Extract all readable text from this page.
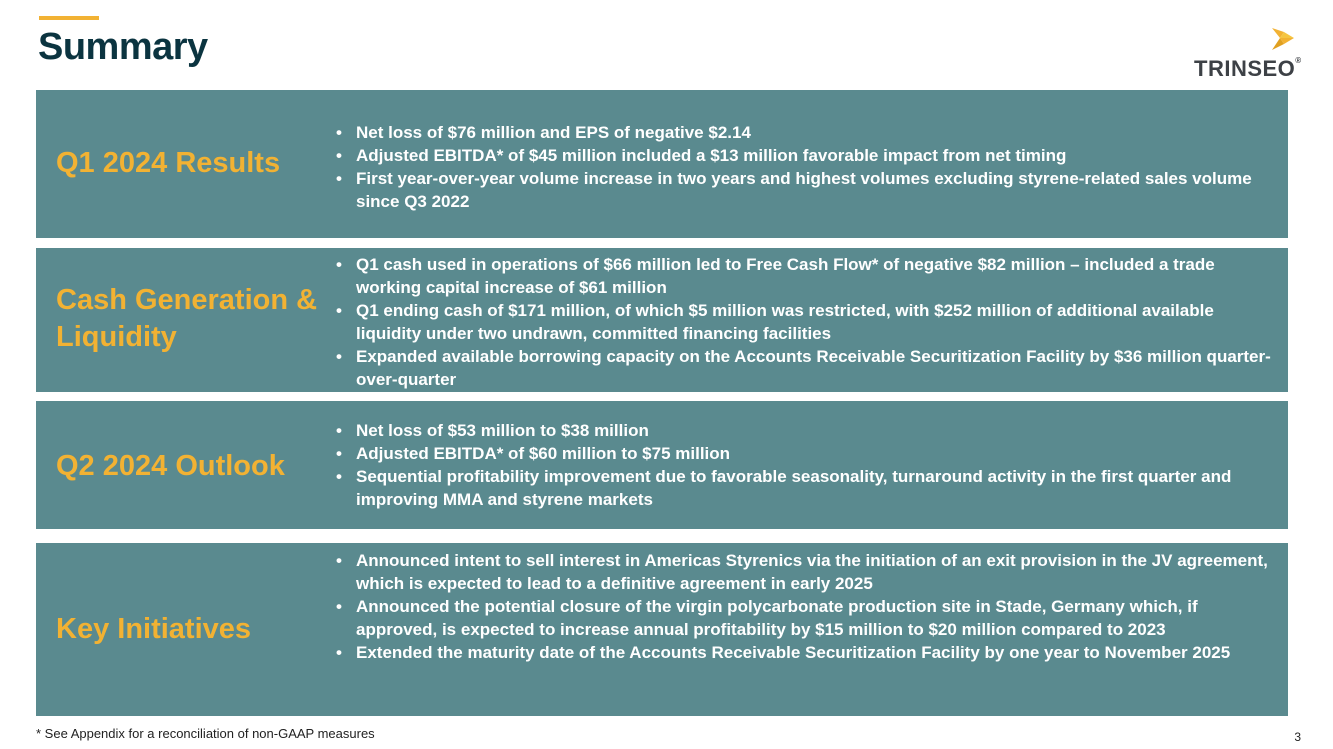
Summary
TRINSEO®
Q1 2024 Results
• Net loss of $76 million and EPS of negative $2.14
• Adjusted EBITDA* of $45 million included a $13 million favorable impact from net timing
• First year-over-year volume increase in two years and highest volumes excluding styrene-related sales volume since Q3 2022
Cash Generation & Liquidity
• Q1 cash used in operations of $66 million led to Free Cash Flow* of negative $82 million – included a trade working capital increase of $61 million
• Q1 ending cash of $171 million, of which $5 million was restricted, with $252 million of additional available liquidity under two undrawn, committed financing facilities
• Expanded available borrowing capacity on the Accounts Receivable Securitization Facility by $36 million quarter-over-quarter
Q2 2024 Outlook
• Net loss of $53 million to $38 million
• Adjusted EBITDA* of $60 million to $75 million
• Sequential profitability improvement due to favorable seasonality, turnaround activity in the first quarter and improving MMA and styrene markets
Key Initiatives
• Announced intent to sell interest in Americas Styrenics via the initiation of an exit provision in the JV agreement, which is expected to lead to a definitive agreement in early 2025
• Announced the potential closure of the virgin polycarbonate production site in Stade, Germany which, if approved, is expected to increase annual profitability by $15 million to $20 million compared to 2023
• Extended the maturity date of the Accounts Receivable Securitization Facility by one year to November 2025
* See Appendix for a reconciliation of non-GAAP measures	3
